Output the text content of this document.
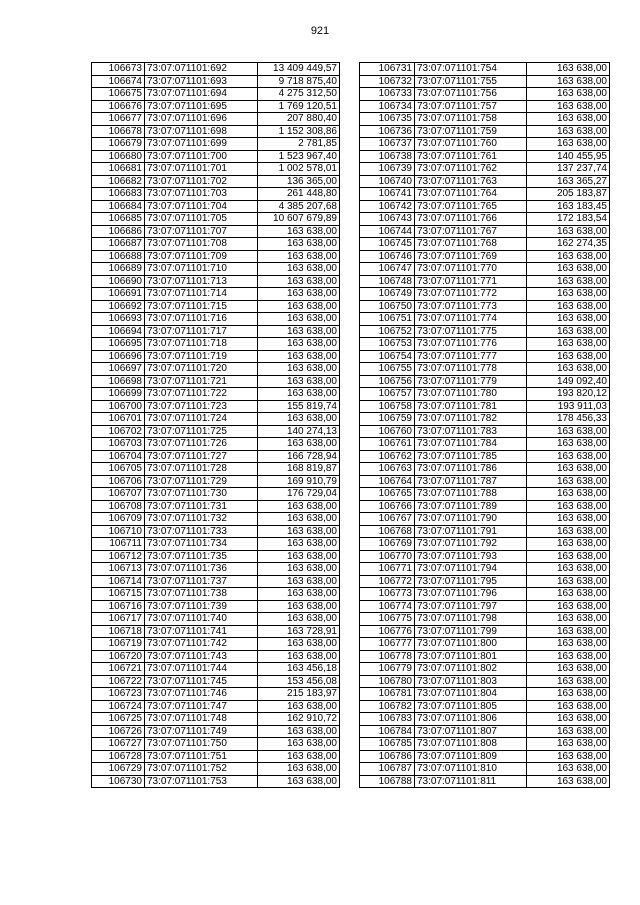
921
106673	73:07:071101:692	13 409 449,57
106674	73:07:071101:693	9 718 875,40
106675	73:07:071101:694	4 275 312,50
106676	73:07:071101:695	1 769 120,51
106677	73:07:071101:696	207 880,40
106678	73:07:071101:698	1 152 308,86
106679	73:07:071101:699	2 781,85
106680	73:07:071101:700	1 523 967,40
106681	73:07:071101:701	1 002 578,01
106682	73:07:071101:702	136 365,00
106683	73:07:071101:703	261 448,80
106684	73:07:071101:704	4 385 207,68
106685	73:07:071101:705	10 607 679,89
106686	73:07:071101:707	163 638,00
106687	73:07:071101:708	163 638,00
106688	73:07:071101:709	163 638,00
106689	73:07:071101:710	163 638,00
106690	73:07:071101:713	163 638,00
106691	73:07:071101:714	163 638,00
106692	73:07:071101:715	163 638,00
106693	73:07:071101:716	163 638,00
106694	73:07:071101:717	163 638,00
106695	73:07:071101:718	163 638,00
106696	73:07:071101:719	163 638,00
106697	73:07:071101:720	163 638,00
106698	73:07:071101:721	163 638,00
106699	73:07:071101:722	163 638,00
106700	73:07:071101:723	155 819,74
106701	73:07:071101:724	163 638,00
106702	73:07:071101:725	140 274,13
106703	73:07:071101:726	163 638,00
106704	73:07:071101:727	166 728,94
106705	73:07:071101:728	168 819,87
106706	73:07:071101:729	169 910,79
106707	73:07:071101:730	176 729,04
106708	73:07:071101:731	163 638,00
106709	73:07:071101:732	163 638,00
106710	73:07:071101:733	163 638,00
106711	73:07:071101:734	163 638,00
106712	73:07:071101:735	163 638,00
106713	73:07:071101:736	163 638,00
106714	73:07:071101:737	163 638,00
106715	73:07:071101:738	163 638,00
106716	73:07:071101:739	163 638,00
106717	73:07:071101:740	163 638,00
106718	73:07:071101:741	163 728,91
106719	73:07:071101:742	163 638,00
106720	73:07:071101:743	163 638,00
106721	73:07:071101:744	163 456,18
106722	73:07:071101:745	153 456,08
106723	73:07:071101:746	215 183,97
106724	73:07:071101:747	163 638,00
106725	73:07:071101:748	162 910,72
106726	73:07:071101:749	163 638,00
106727	73:07:071101:750	163 638,00
106728	73:07:071101:751	163 638,00
106729	73:07:071101:752	163 638,00
106730	73:07:071101:753	163 638,00
106731	73:07:071101:754	163 638,00
106732	73:07:071101:755	163 638,00
106733	73:07:071101:756	163 638,00
106734	73:07:071101:757	163 638,00
106735	73:07:071101:758	163 638,00
106736	73:07:071101:759	163 638,00
106737	73:07:071101:760	163 638,00
106738	73:07:071101:761	140 455,95
106739	73:07:071101:762	137 237,74
106740	73:07:071101:763	163 365,27
106741	73:07:071101:764	205 183,87
106742	73:07:071101:765	163 183,45
106743	73:07:071101:766	172 183,54
106744	73:07:071101:767	163 638,00
106745	73:07:071101:768	162 274,35
106746	73:07:071101:769	163 638,00
106747	73:07:071101:770	163 638,00
106748	73:07:071101:771	163 638,00
106749	73:07:071101:772	163 638,00
106750	73:07:071101:773	163 638,00
106751	73:07:071101:774	163 638,00
106752	73:07:071101:775	163 638,00
106753	73:07:071101:776	163 638,00
106754	73:07:071101:777	163 638,00
106755	73:07:071101:778	163 638,00
106756	73:07:071101:779	149 092,40
106757	73:07:071101:780	193 820,12
106758	73:07:071101:781	193 911,03
106759	73:07:071101:782	178 456,33
106760	73:07:071101:783	163 638,00
106761	73:07:071101:784	163 638,00
106762	73:07:071101:785	163 638,00
106763	73:07:071101:786	163 638,00
106764	73:07:071101:787	163 638,00
106765	73:07:071101:788	163 638,00
106766	73:07:071101:789	163 638,00
106767	73:07:071101:790	163 638,00
106768	73:07:071101:791	163 638,00
106769	73:07:071101:792	163 638,00
106770	73:07:071101:793	163 638,00
106771	73:07:071101:794	163 638,00
106772	73:07:071101:795	163 638,00
106773	73:07:071101:796	163 638,00
106774	73:07:071101:797	163 638,00
106775	73:07:071101:798	163 638,00
106776	73:07:071101:799	163 638,00
106777	73:07:071101:800	163 638,00
106778	73:07:071101:801	163 638,00
106779	73:07:071101:802	163 638,00
106780	73:07:071101:803	163 638,00
106781	73:07:071101:804	163 638,00
106782	73:07:071101:805	163 638,00
106783	73:07:071101:806	163 638,00
106784	73:07:071101:807	163 638,00
106785	73:07:071101:808	163 638,00
106786	73:07:071101:809	163 638,00
106787	73:07:071101:810	163 638,00
106788	73:07:071101:811	163 638,00
